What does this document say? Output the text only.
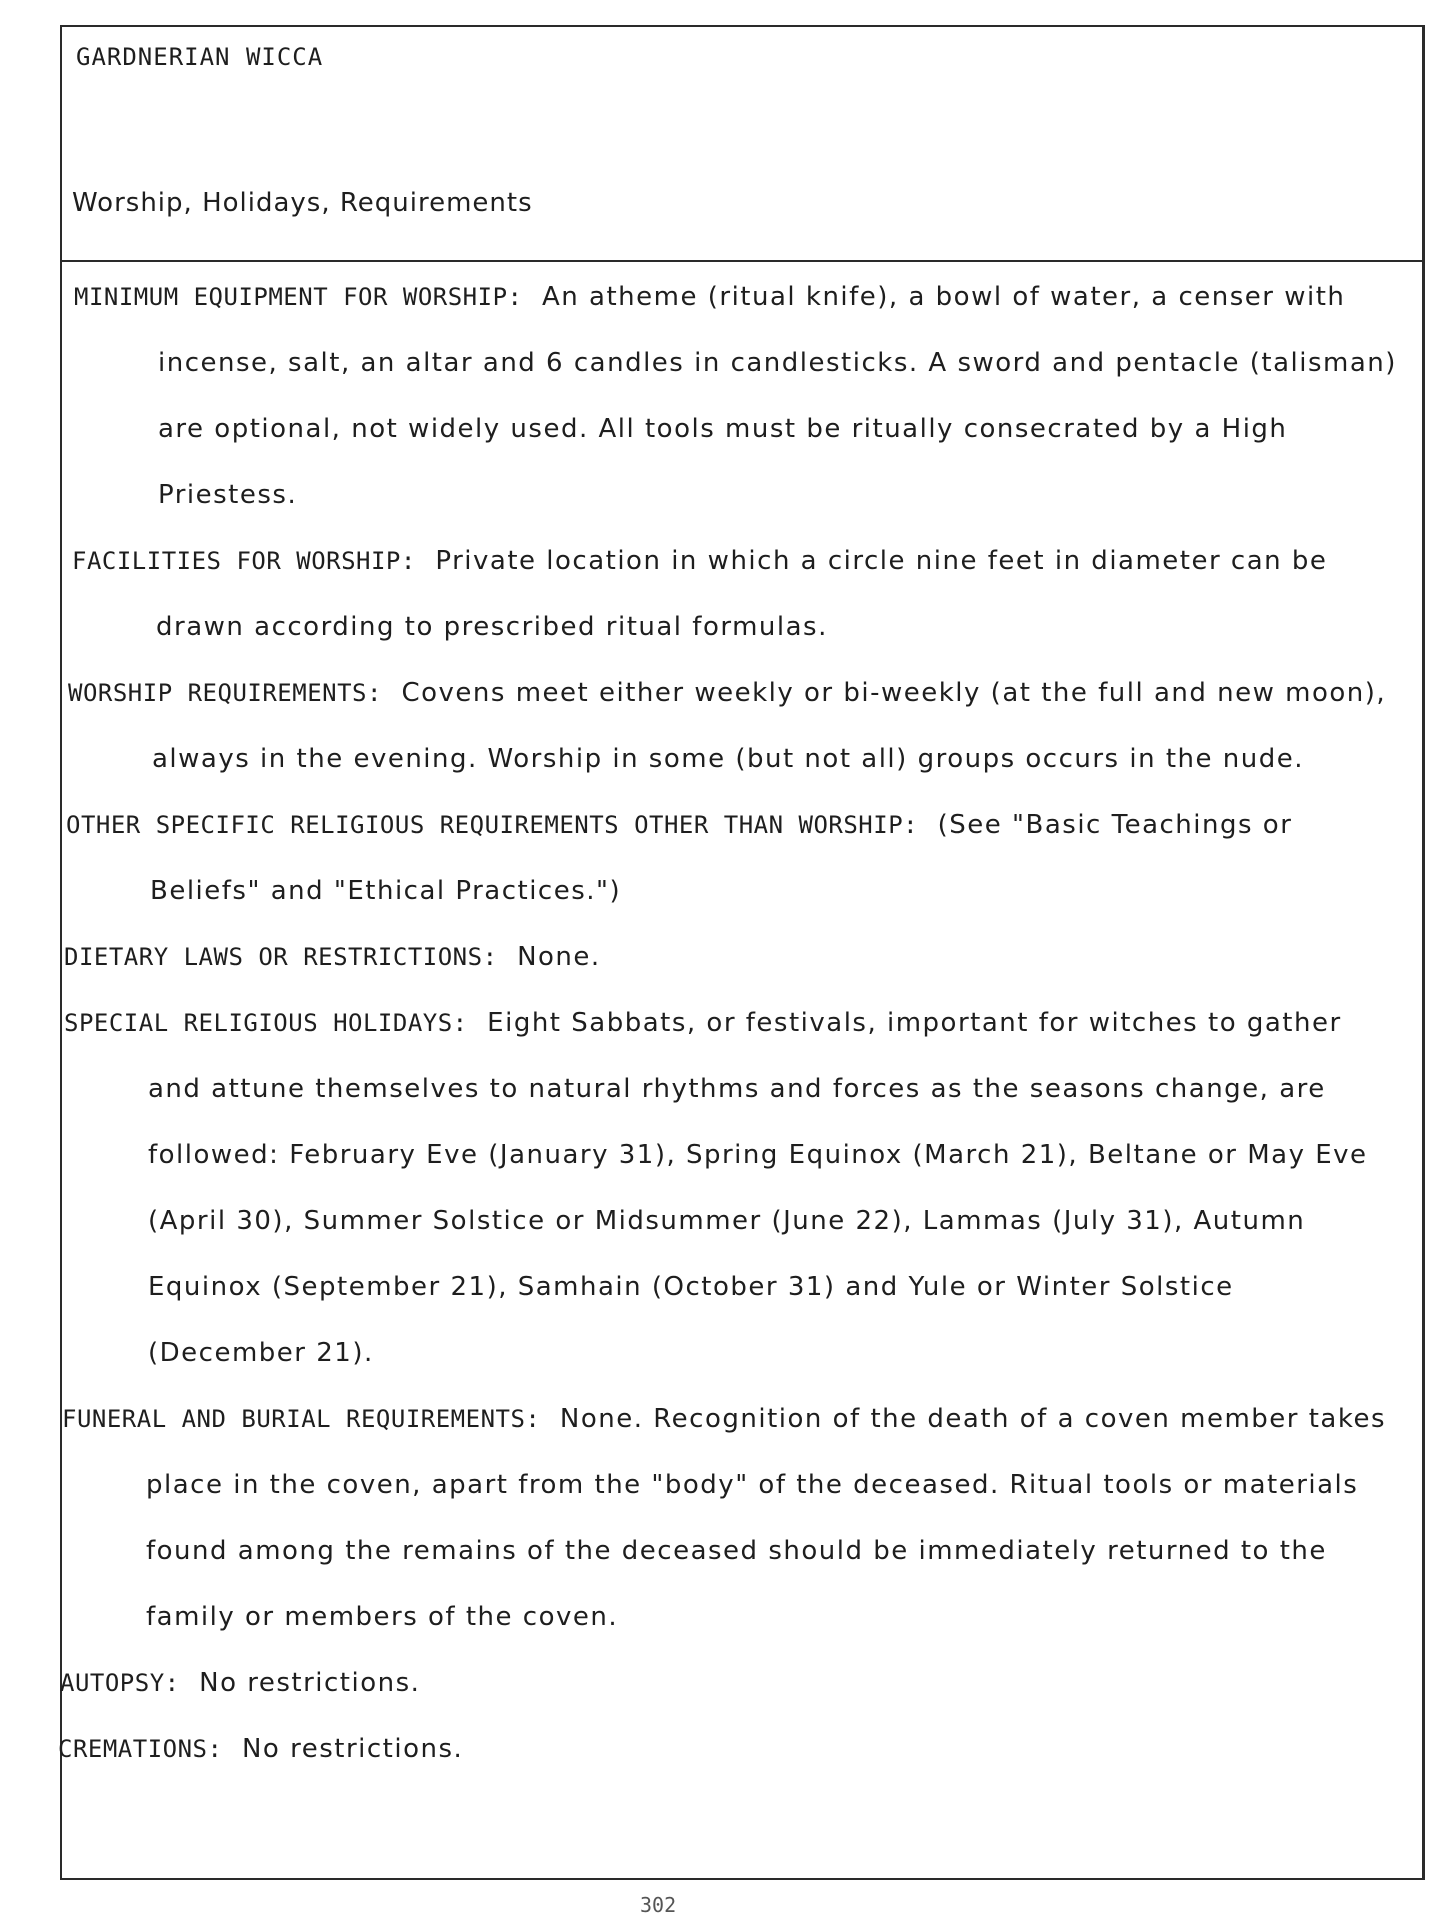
GARDNERIAN WICCA
Worship, Holidays, Requirements

MINIMUM EQUIPMENT FOR WORSHIP: An atheme (ritual knife), a bowl of water, a censer with incense, salt, an altar and 6 candles in candlesticks. A sword and pentacle (talisman) are optional, not widely used. All tools must be ritually consecrated by a High Priestess.

FACILITIES FOR WORSHIP: Private location in which a circle nine feet in diameter can be drawn according to prescribed ritual formulas.

WORSHIP REQUIREMENTS: Covens meet either weekly or bi-weekly (at the full and new moon), always in the evening. Worship in some (but not all) groups occurs in the nude.

OTHER SPECIFIC RELIGIOUS REQUIREMENTS OTHER THAN WORSHIP: (See "Basic Teachings or Beliefs" and "Ethical Practices.")

DIETARY LAWS OR RESTRICTIONS: None.

SPECIAL RELIGIOUS HOLIDAYS: Eight Sabbats, or festivals, important for witches to gather and attune themselves to natural rhythms and forces as the seasons change, are followed: February Eve (January 31), Spring Equinox (March 21), Beltane or May Eve (April 30), Summer Solstice or Midsummer (June 22), Lammas (July 31), Autumn Equinox (September 21), Samhain (October 31) and Yule or Winter Solstice (December 21).

FUNERAL AND BURIAL REQUIREMENTS: None. Recognition of the death of a coven member takes place in the coven, apart from the "body" of the deceased. Ritual tools or materials found among the remains of the deceased should be immediately returned to the family or members of the coven.

AUTOPSY: No restrictions.

CREMATIONS: No restrictions.

302
